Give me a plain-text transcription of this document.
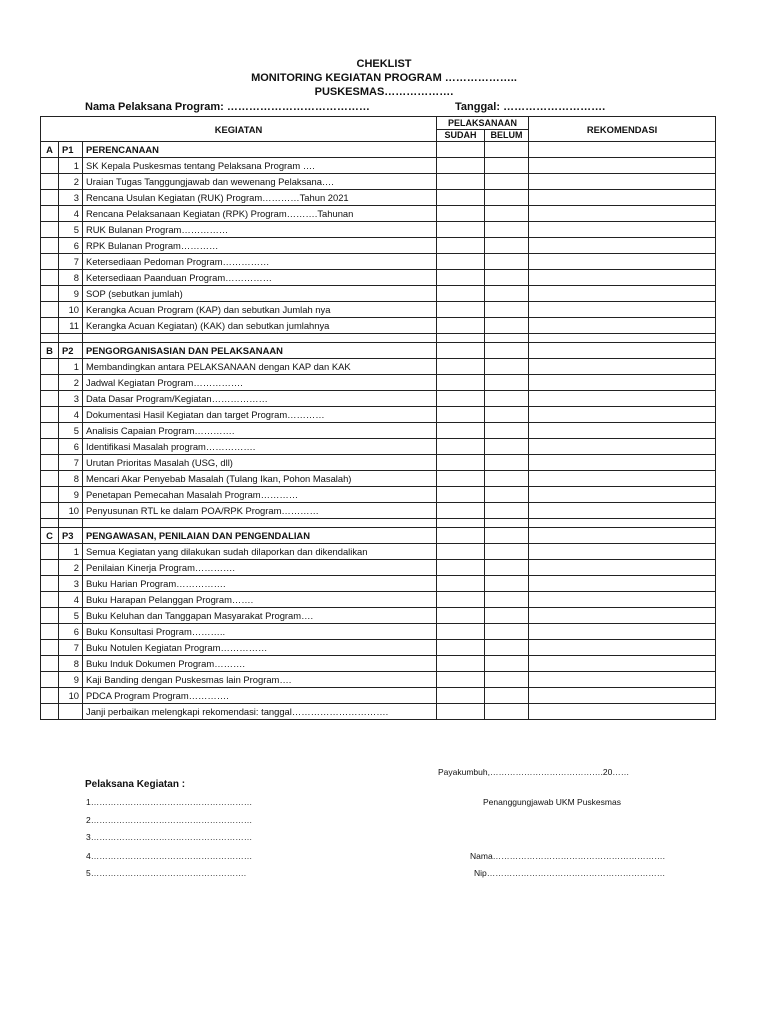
CHEKLIST
MONITORING KEGIATAN PROGRAM ………………..
PUSKESMAS……………….
Nama Pelaksana Program: …………………………………	Tanggal: ……………………….
KEGIATAN			PELAKSANAAN		REKOMENDASI
			SUDAH	BELUM	
A	P1	PERENCANAAN			
	1	SK Kepala Puskesmas tentang Pelaksana Program ….			
	2	Uraian Tugas Tanggungjawab dan wewenang Pelaksana….			
	3	Rencana Usulan Kegiatan (RUK) Program…………Tahun 2021			
	4	Rencana Pelaksanaan Kegiatan (RPK) Program……….Tahunan			
	5	RUK Bulanan Program……………			
	6	RPK Bulanan Program…………			
	7	Ketersediaan Pedoman Program……………			
	8	Ketersediaan Paanduan Program……………			
	9	SOP (sebutkan jumlah)			
	10	Kerangka Acuan Program (KAP) dan sebutkan Jumlah nya			
	11	Kerangka Acuan Kegiatan) (KAK) dan sebutkan jumlahnya			

B	P2	PENGORGANISASIAN DAN PELAKSANAAN			
	1	Membandingkan antara PELAKSANAAN dengan KAP dan KAK			
	2	Jadwal Kegiatan Program…………….			
	3	Data Dasar Program/Kegiatan………………			
	4	Dokumentasi Hasil Kegiatan dan target Program…………			
	5	Analisis Capaian Program………….			
	6	Identifikasi Masalah program…………….			
	7	Urutan Prioritas Masalah (USG, dll)			
	8	Mencari Akar Penyebab Masalah (Tulang Ikan, Pohon Masalah)			
	9	Penetapan Pemecahan Masalah Program…………			
	10	Penyusunan RTL ke dalam POA/RPK Program…………			

C	P3	PENGAWASAN, PENILAIAN DAN PENGENDALIAN			
	1	Semua Kegiatan yang dilakukan sudah dilaporkan dan dikendalikan			
	2	Penilaian Kinerja Program………….			
	3	Buku Harian Program…………….			
	4	Buku Harapan Pelanggan Program…….			
	5	Buku Keluhan dan Tanggapan Masyarakat Program….			
	6	Buku Konsultasi Program………..			
	7	Buku Notulen Kegiatan Program……………			
	8	Buku Induk Dokumen Program……….			
	9	Kaji Banding dengan Puskesmas lain Program….			
	10	PDCA Program Program………….			
		Janji perbaikan melengkapi rekomendasi: tanggal………………………….			
Payakumbuh,………………………………….20……
Pelaksana Kegiatan :
1…………………………………………………
2…………………………………………………
3…………………………………………………
4…………………………………………………
5……………………………………………….
Penanggungjawab UKM Puskesmas
Nama…………………………………………………….
Nip………………………………………………………
